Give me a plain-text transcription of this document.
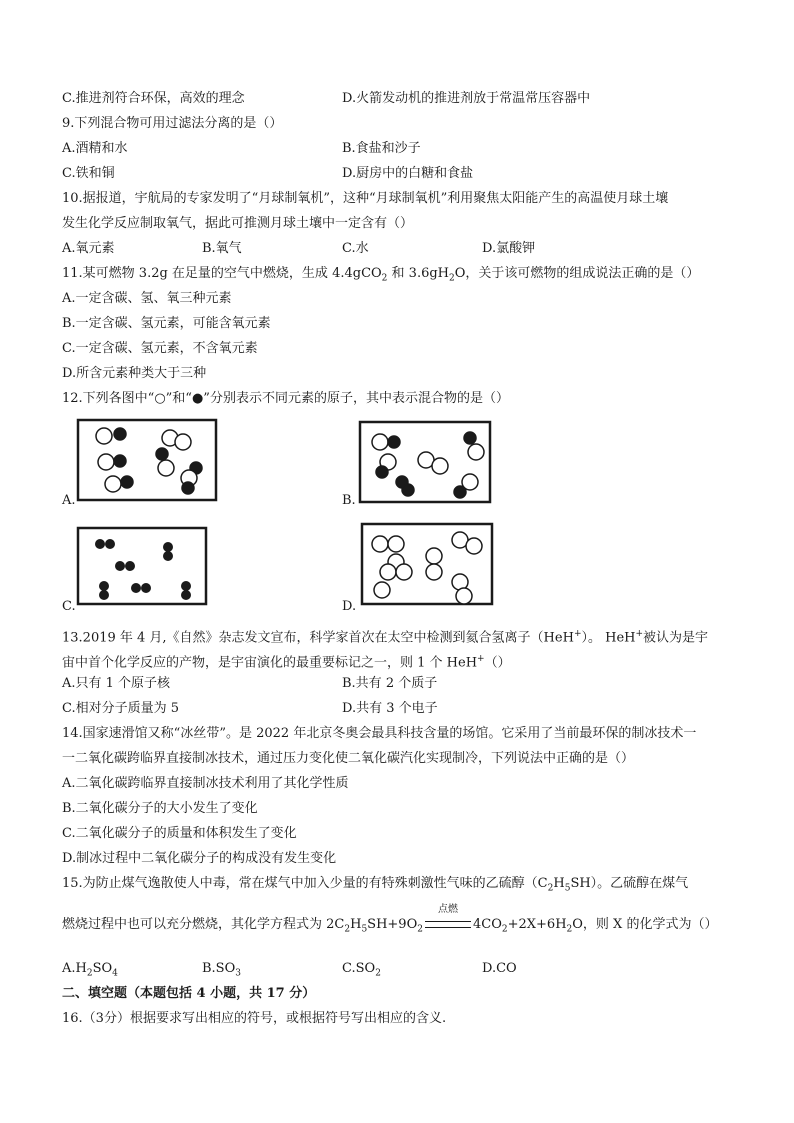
C.推进剂符合环保，高效的理念	D.火箭发动机的推进剂放于常温常压容器中
9.下列混合物可用过滤法分离的是（）
A.酒精和水	B.食盐和沙子
C.铁和铜	D.厨房中的白糖和食盐
10.据报道，宇航局的专家发明了“月球制氧机”，这种“月球制氧机”利用聚焦太阳能产生的高温使月球土壤
发生化学反应制取氧气，据此可推测月球土壤中一定含有（）
A.氧元素	B.氧气	C.水	D.氯酸钾
11.某可燃物 3.2g 在足量的空气中燃烧，生成 4.4gCO$_2$ 和 $3.6gH_2O$，关于该可燃物的组成说法正确的是（）
A.一定含碳、氢、氧三种元素
B.一定含碳、氢元素，可能含氧元素
C.一定含碳、氢元素，不含氧元素
D.所含元素种类大于三种
12.下列各图中“○”和“●”分别表示不同元素的原子，其中表示混合物的是（）
A.	B.
C.	D.
13.2019 年 4 月,《自然》杂志发文宣布，科学家首次在太空中检测到氦合氢离子（HeH+）。 HeH+被认为是宇
宙中首个化学反应的产物，是宇宙演化的最重要标记之一，则 1 个 HeH+（）
A.只有 1 个原子核	B.共有 2 个质子
C.相对分子质量为 5	D.共有 3 个电子
14.国家速滑馆又称“冰丝带”。是 2022 年北京冬奥会最具科技含量的场馆。它采用了当前最环保的制冰技术一
一二氧化碳跨临界直接制冰技术，通过压力变化使二氧化碳汽化实现制冷，下列说法中正确的是（）
A.二氧化碳跨临界直接制冰技术利用了其化学性质
B.二氧化碳分子的大小发生了变化
C.二氧化碳分子的质量和体积发生了变化
D.制冰过程中二氧化碳分子的构成没有发生变化
15.为防止煤气逸散使人中毒，常在煤气中加入少量的有特殊刺激性气味的乙硫醇$(C_2H_5SH)$。乙硫醇在煤气
燃烧过程中也可以充分燃烧，其化学方程式为 $2C_2H_5SH+9O_2$
点燃
$4CO_2+2X+6H_2O$，则 X 的化学式为（）
$A.H_2SO_4$	$B.SO_3$	$C.SO_2$	D.CO
二、填空题（本题包括 4 小题，共 17 分）
16.（3分）根据要求写出相应的符号，或根据符号写出相应的含义.
